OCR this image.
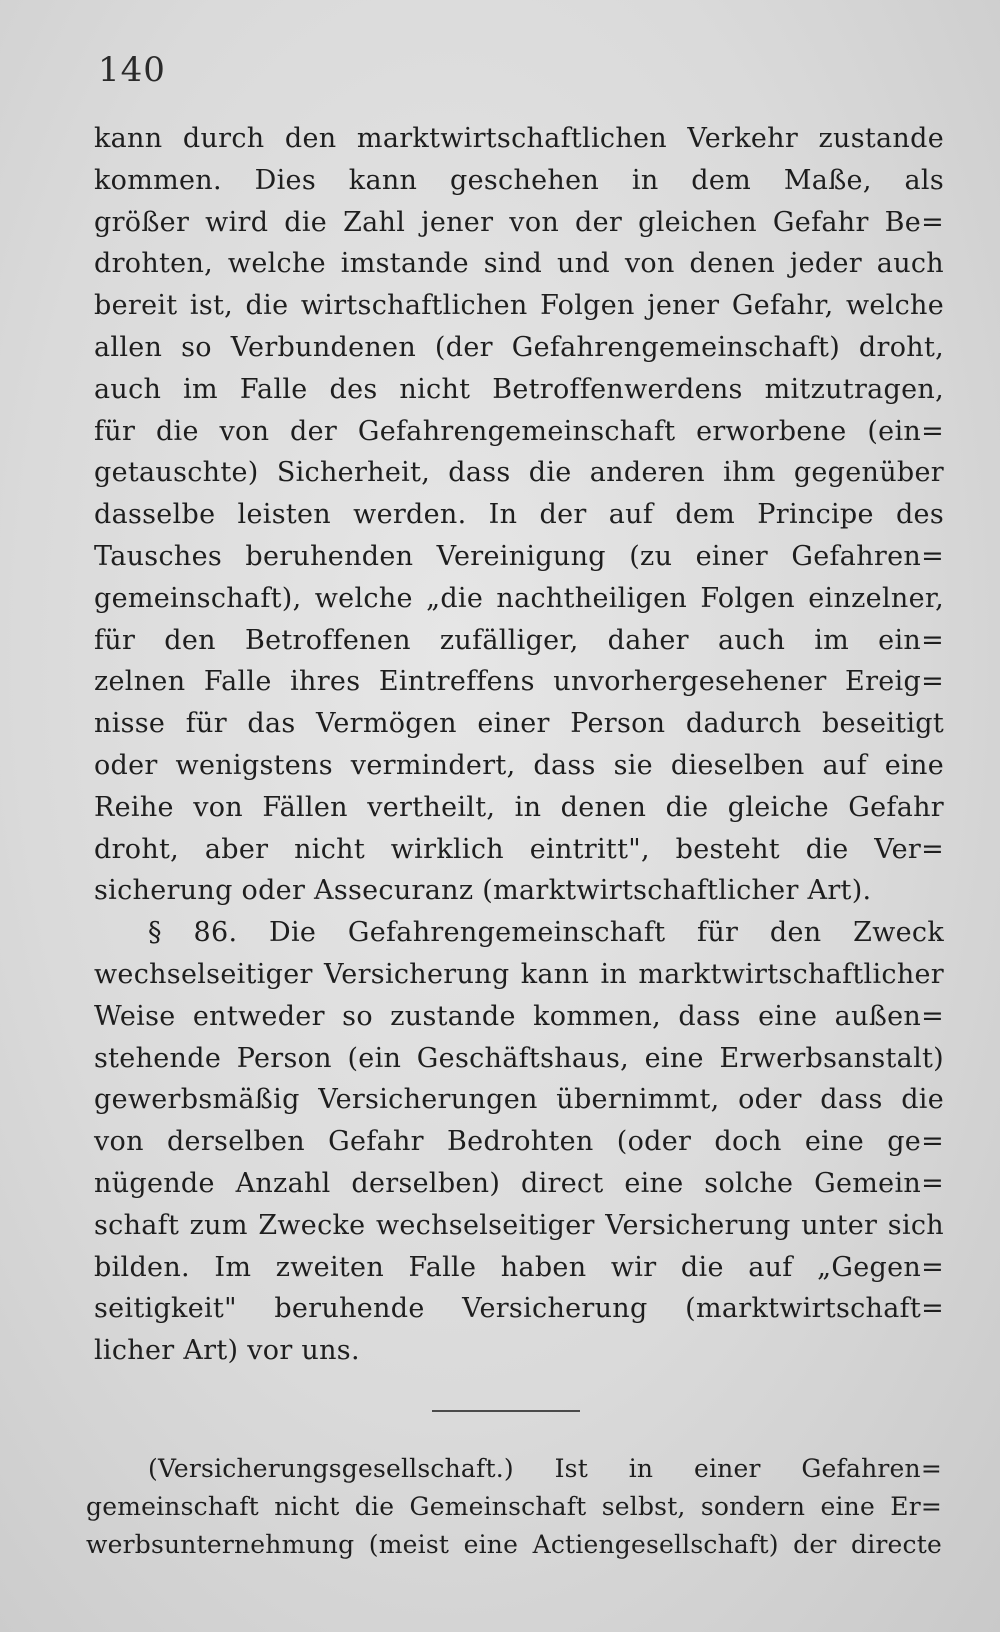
140
kann durch den marktwirtschaftlichen Verkehr zustande
kommen. Dies kann geschehen in dem Maße, als
größer wird die Zahl jener von der gleichen Gefahr Be=
drohten, welche imstande sind und von denen jeder auch
bereit ist, die wirtschaftlichen Folgen jener Gefahr, welche
allen so Verbundenen (der Gefahrengemeinschaft) droht,
auch im Falle des nicht Betroffenwerdens mitzutragen,
für die von der Gefahrengemeinschaft erworbene (ein=
getauschte) Sicherheit, dass die anderen ihm gegenüber
dasselbe leisten werden. In der auf dem Principe des
Tausches beruhenden Vereinigung (zu einer Gefahren=
gemeinschaft), welche „die nachtheiligen Folgen einzelner,
für den Betroffenen zufälliger, daher auch im ein=
zelnen Falle ihres Eintreffens unvorhergesehener Ereig=
nisse für das Vermögen einer Person dadurch beseitigt
oder wenigstens vermindert, dass sie dieselben auf eine
Reihe von Fällen vertheilt, in denen die gleiche Gefahr
droht, aber nicht wirklich eintritt", besteht die Ver=
sicherung oder Assecuranz (marktwirtschaftlicher Art).
§ 86. Die Gefahrengemeinschaft für den Zweck
wechselseitiger Versicherung kann in marktwirtschaftlicher
Weise entweder so zustande kommen, dass eine außen=
stehende Person (ein Geschäftshaus, eine Erwerbsanstalt)
gewerbsmäßig Versicherungen übernimmt, oder dass die
von derselben Gefahr Bedrohten (oder doch eine ge=
nügende Anzahl derselben) direct eine solche Gemein=
schaft zum Zwecke wechselseitiger Versicherung unter sich
bilden. Im zweiten Falle haben wir die auf „Gegen=
seitigkeit" beruhende Versicherung (marktwirtschaft=
licher Art) vor uns.
(Versicherungsgesellschaft.) Ist in einer Gefahren=
gemeinschaft nicht die Gemeinschaft selbst, sondern eine Er=
werbsunternehmung (meist eine Actiengesellschaft) der directe
